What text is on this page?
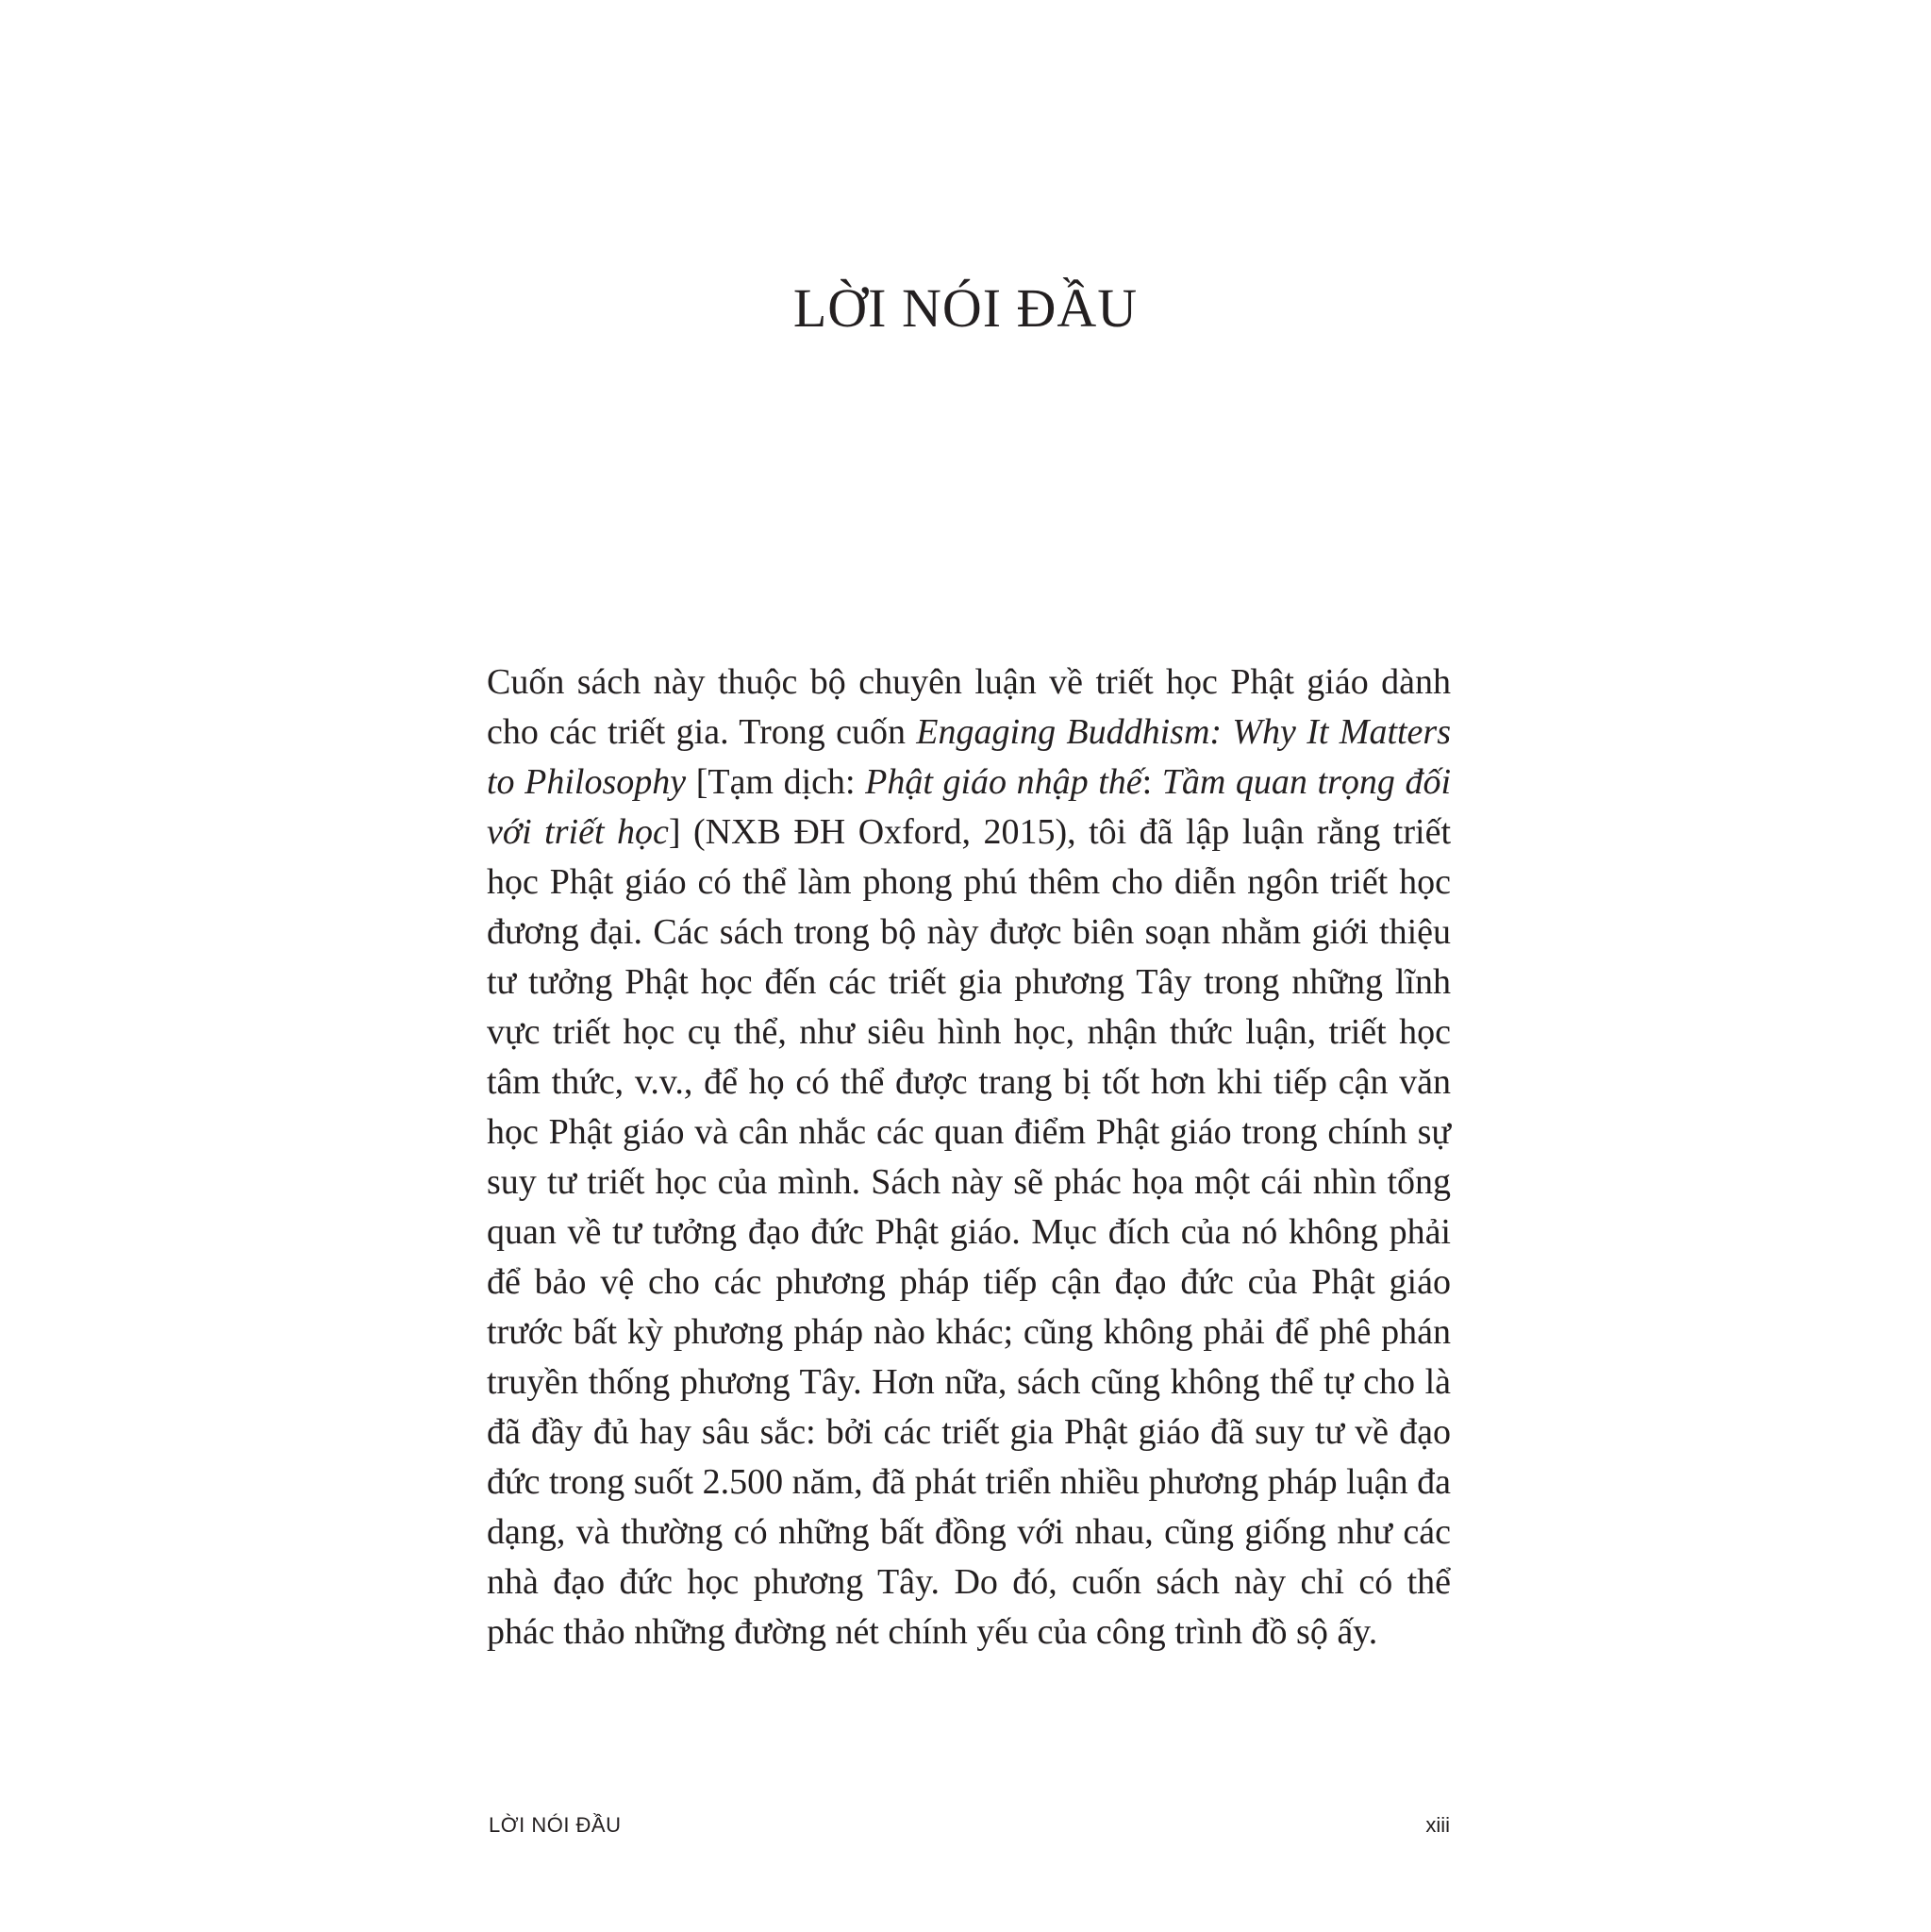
LỜI NÓI ĐẦU

Cuốn sách này thuộc bộ chuyên luận về triết học Phật giáo dành cho các triết gia. Trong cuốn Engaging Buddhism: Why It Matters to Philosophy [Tạm dịch: Phật giáo nhập thế: Tầm quan trọng đối với triết học] (NXB ĐH Oxford, 2015), tôi đã lập luận rằng triết học Phật giáo có thể làm phong phú thêm cho diễn ngôn triết học đương đại. Các sách trong bộ này được biên soạn nhằm giới thiệu tư tưởng Phật học đến các triết gia phương Tây trong những lĩnh vực triết học cụ thể, như siêu hình học, nhận thức luận, triết học tâm thức, v.v., để họ có thể được trang bị tốt hơn khi tiếp cận văn học Phật giáo và cân nhắc các quan điểm Phật giáo trong chính sự suy tư triết học của mình. Sách này sẽ phác họa một cái nhìn tổng quan về tư tưởng đạo đức Phật giáo. Mục đích của nó không phải để bảo vệ cho các phương pháp tiếp cận đạo đức của Phật giáo trước bất kỳ phương pháp nào khác; cũng không phải để phê phán truyền thống phương Tây. Hơn nữa, sách cũng không thể tự cho là đã đầy đủ hay sâu sắc: bởi các triết gia Phật giáo đã suy tư về đạo đức trong suốt 2.500 năm, đã phát triển nhiều phương pháp luận đa dạng, và thường có những bất đồng với nhau, cũng giống như các nhà đạo đức học phương Tây. Do đó, cuốn sách này chỉ có thể phác thảo những đường nét chính yếu của công trình đồ sộ ấy.

LỜI NÓI ĐẦU	xiii
